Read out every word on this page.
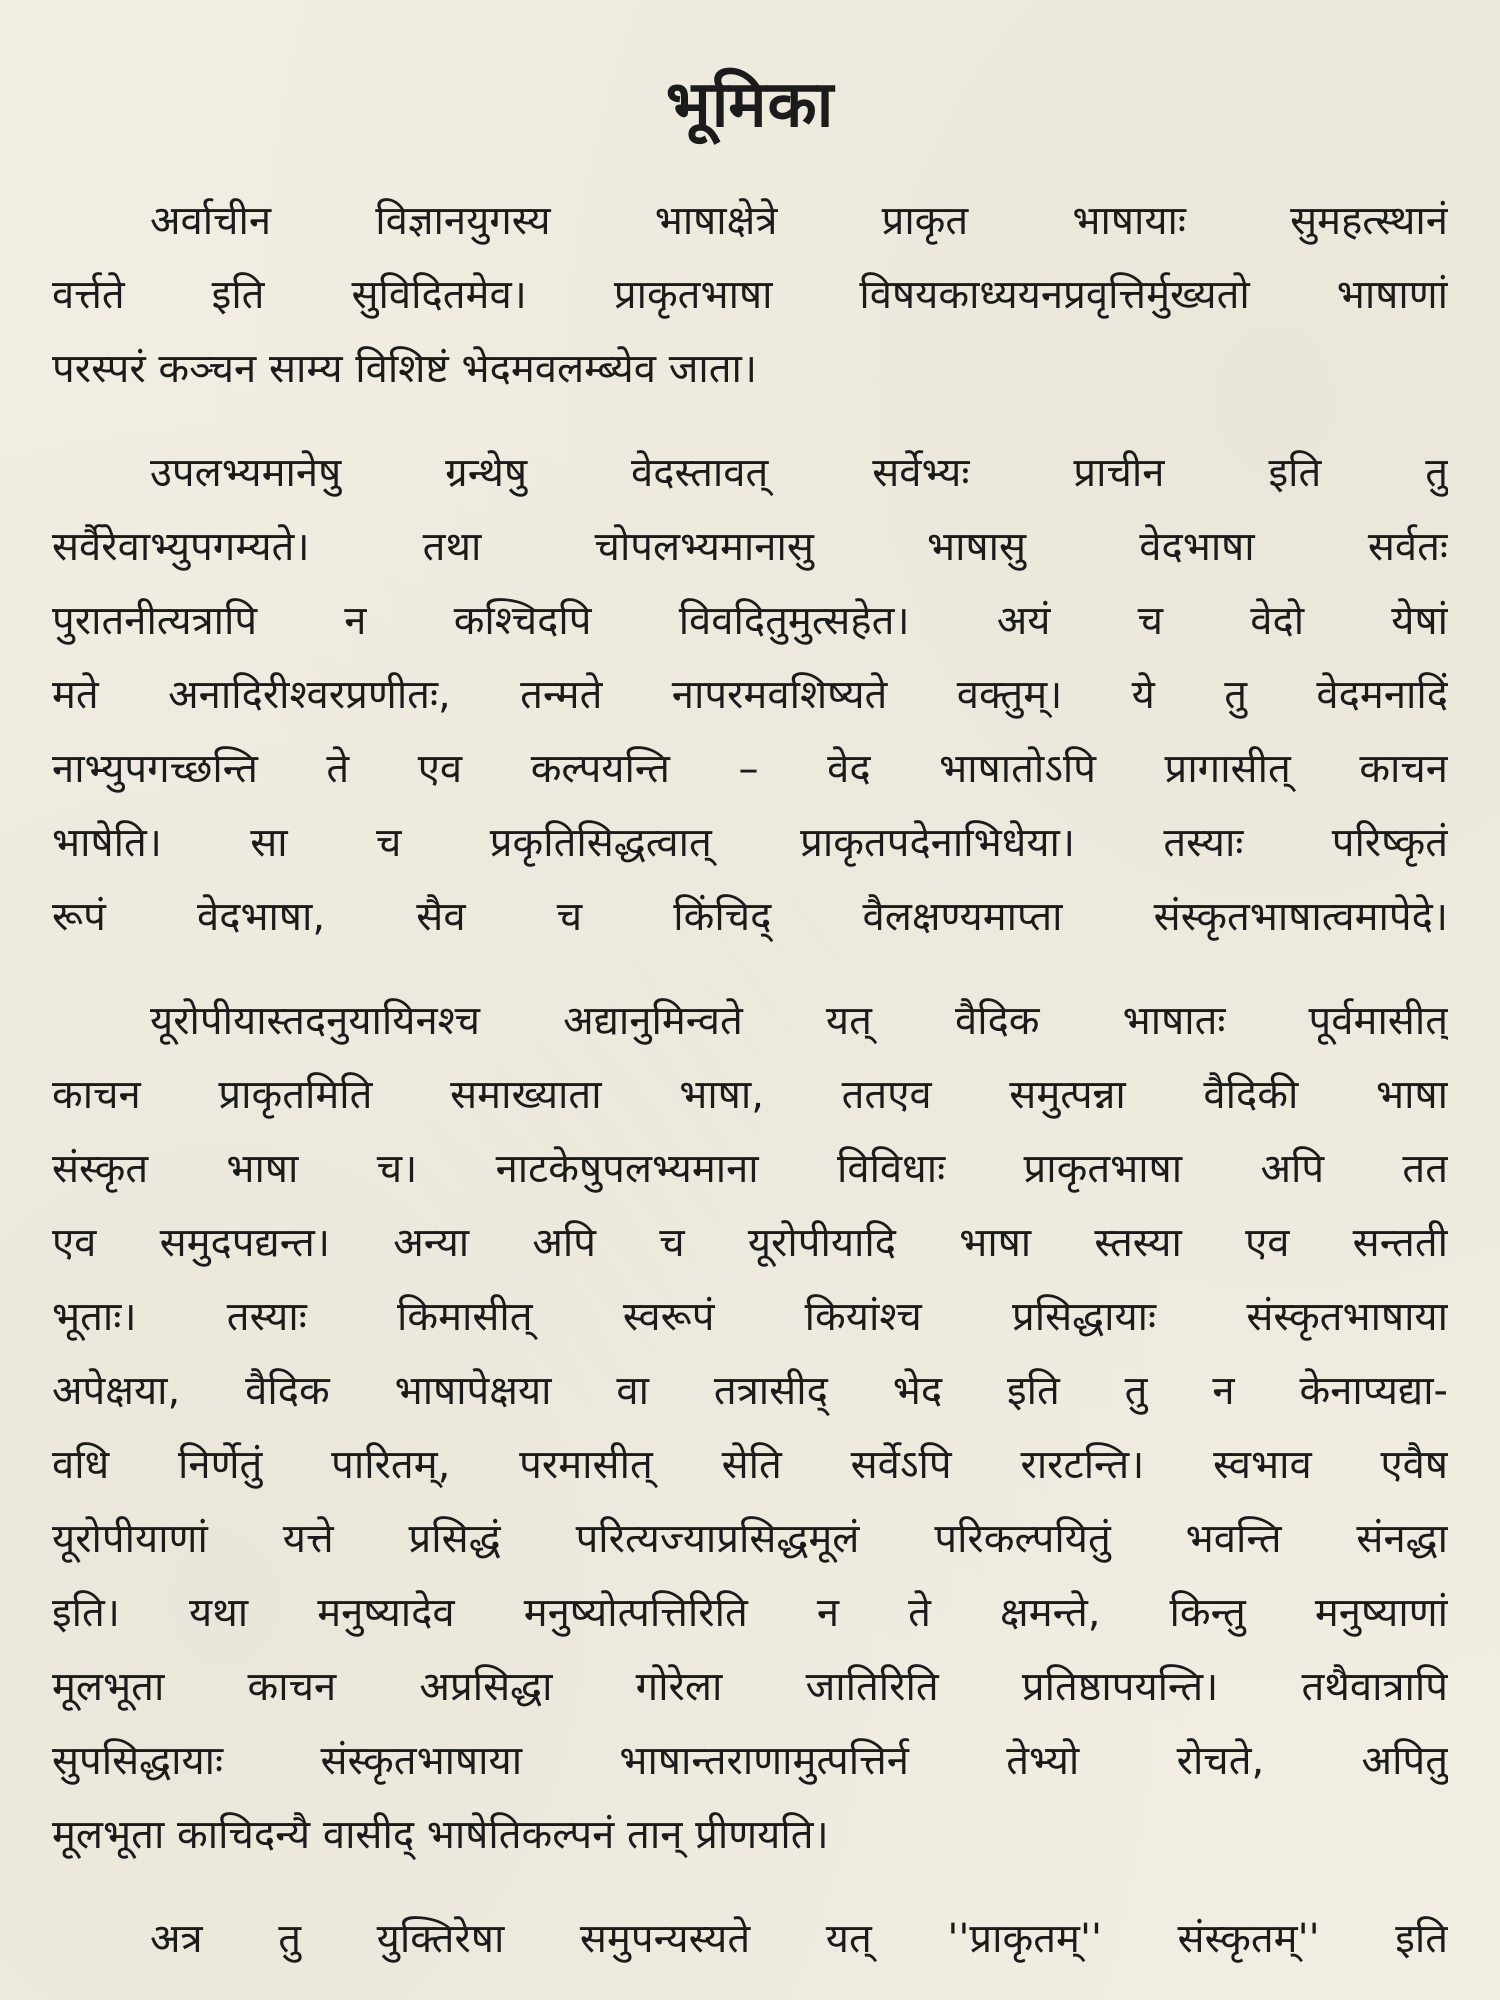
भूमिका
अर्वाचीन विज्ञानयुगस्य भाषाक्षेत्रे प्राकृत भाषायाः सुमहत्स्थानं
वर्त्तते इति सुविदितमेव। प्राकृतभाषा विषयकाध्ययनप्रवृत्तिर्मुख्यतो भाषाणां
परस्परं कञ्चन साम्य विशिष्टं भेदमवलम्ब्येव जाता।
उपलभ्यमानेषु ग्रन्थेषु वेदस्तावत् सर्वेभ्यः प्राचीन इति तु
सर्वैरेवाभ्युपगम्यते। तथा चोपलभ्यमानासु भाषासु वेदभाषा सर्वतः
पुरातनीत्यत्रापि न कश्चिदपि विवदितुमुत्सहेत। अयं च वेदो येषां
मते अनादिरीश्वरप्रणीतः, तन्मते नापरमवशिष्यते वक्तुम्। ये तु वेदमनादिं
नाभ्युपगच्छन्ति ते एव कल्पयन्ति – वेद भाषातोऽपि प्रागासीत् काचन
भाषेति। सा च प्रकृतिसिद्धत्वात् प्राकृतपदेनाभिधेया। तस्याः परिष्कृतं
रूपं वेदभाषा, सैव च किंचिद् वैलक्षण्यमाप्ता संस्कृतभाषात्वमापेदे।
यूरोपीयास्तदनुयायिनश्च अद्यानुमिन्वते यत् वैदिक भाषातः पूर्वमासीत्
काचन प्राकृतमिति समाख्याता भाषा, ततएव समुत्पन्ना वैदिकी भाषा
संस्कृत भाषा च। नाटकेषुपलभ्यमाना विविधाः प्राकृतभाषा अपि तत
एव समुदपद्यन्त। अन्या अपि च यूरोपीयादि भाषा स्तस्या एव सन्तती
भूताः। तस्याः किमासीत् स्वरूपं कियांश्च प्रसिद्धायाः संस्कृतभाषाया
अपेक्षया, वैदिक भाषापेक्षया वा तत्रासीद् भेद इति तु न केनाप्यद्या-
वधि निर्णेतुं पारितम्, परमासीत् सेति सर्वेऽपि रारटन्ति। स्वभाव एवैष
यूरोपीयाणां यत्ते प्रसिद्धं परित्यज्याप्रसिद्धमूलं परिकल्पयितुं भवन्ति संनद्धा
इति। यथा मनुष्यादेव मनुष्योत्पत्तिरिति न ते क्षमन्ते, किन्तु मनुष्याणां
मूलभूता काचन अप्रसिद्धा गोरेला जातिरिति प्रतिष्ठापयन्ति। तथैवात्रापि
सुपसिद्धायाः संस्कृतभाषाया भाषान्तराणामुत्पत्तिर्न तेभ्यो रोचते, अपितु
मूलभूता काचिदन्यै वासीद् भाषेतिकल्पनं तान् प्रीणयति।
अत्र तु युक्तिरेषा समुपन्यस्यते यत् ''प्राकृतम्'' संस्कृतम्'' इति
